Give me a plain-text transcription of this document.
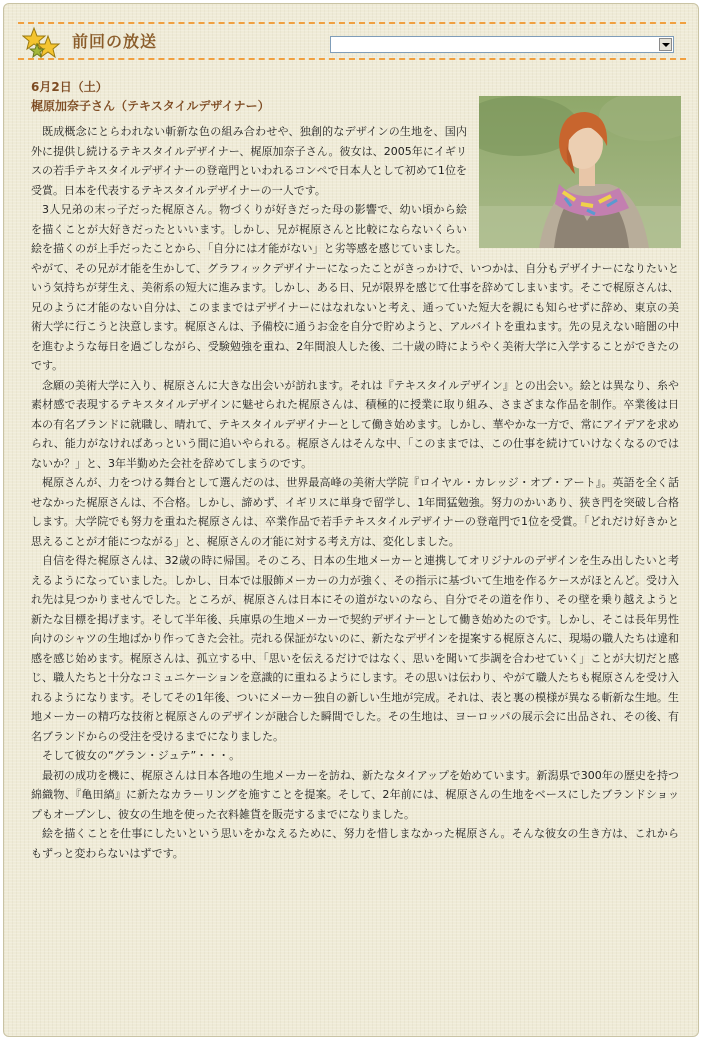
前回の放送
6月2日（土）
梶原加奈子さん（テキスタイルデザイナー）

既成概念にとらわれない斬新な色の組み合わせや、独創的なデザインの生地を、国内外に提供し続けるテキスタイルデザイナー、梶原加奈子さん。彼女は、2005年にイギリスの若手テキスタイルデザイナーの登竜門といわれるコンペで日本人として初めて1位を受賞。日本を代表するテキスタイルデザイナーの一人です。

3人兄弟の末っ子だった梶原さん。物づくりが好きだった母の影響で、幼い頃から絵を描くことが大好きだったといいます。しかし、兄が梶原さんと比較にならないくらい絵を描くのが上手だったことから、「自分には才能がない」と劣等感を感じていました。やがて、その兄が才能を生かして、グラフィックデザイナーになったことがきっかけで、いつかは、自分もデザイナーになりたいという気持ちが芽生え、美術系の短大に進みます。しかし、ある日、兄が限界を感じて仕事を辞めてしまいます。そこで梶原さんは、兄のように才能のない自分は、このままではデザイナーにはなれないと考え、通っていた短大を親にも知らせずに辞め、東京の美術大学に行こうと決意します。梶原さんは、予備校に通うお金を自分で貯めようと、アルバイトを重ねます。先の見えない暗闇の中を進むような毎日を過ごしながら、受験勉強を重ね、2年間浪人した後、二十歳の時にようやく美術大学に入学することができたのです。

念願の美術大学に入り、梶原さんに大きな出会いが訪れます。それは『テキスタイルデザイン』との出会い。絵とは異なり、糸や素材感で表現するテキスタイルデザインに魅せられた梶原さんは、積極的に授業に取り組み、さまざまな作品を制作。卒業後は日本の有名ブランドに就職し、晴れて、テキスタイルデザイナーとして働き始めます。しかし、華やかな一方で、常にアイデアを求められ、能力がなければあっという間に追いやられる。梶原さんはそんな中、「このままでは、この仕事を続けていけなくなるのではないか？」と、3年半勤めた会社を辞めてしまうのです。

梶原さんが、力をつける舞台として選んだのは、世界最高峰の美術大学院『ロイヤル・カレッジ・オブ・アート』。英語を全く話せなかった梶原さんは、不合格。しかし、諦めず、イギリスに単身で留学し、1年間猛勉強。努力のかいあり、狭き門を突破し合格します。大学院でも努力を重ねた梶原さんは、卒業作品で若手テキスタイルデザイナーの登竜門で1位を受賞。「どれだけ好きかと思えることが才能につながる」と、梶原さんの才能に対する考え方は、変化しました。

自信を得た梶原さんは、32歳の時に帰国。そのころ、日本の生地メーカーと連携してオリジナルのデザインを生み出したいと考えるようになっていました。しかし、日本では服飾メーカーの力が強く、その指示に基づいて生地を作るケースがほとんど。受け入れ先は見つかりませんでした。ところが、梶原さんは日本にその道がないのなら、自分でその道を作り、その壁を乗り越えようと新たな目標を掲げます。そして半年後、兵庫県の生地メーカーで契約デザイナーとして働き始めたのです。しかし、そこは長年男性向けのシャツの生地ばかり作ってきた会社。売れる保証がないのに、新たなデザインを提案する梶原さんに、現場の職人たちは違和感を感じ始めます。梶原さんは、孤立する中、「思いを伝えるだけではなく、思いを聞いて歩調を合わせていく」ことが大切だと感じ、職人たちと十分なコミュニケーションを意識的に重ねるようにします。その思いは伝わり、やがて職人たちも梶原さんを受け入れるようになります。そしてその1年後、ついにメーカー独自の新しい生地が完成。それは、表と裏の模様が異なる斬新な生地。生地メーカーの精巧な技術と梶原さんのデザインが融合した瞬間でした。その生地は、ヨーロッパの展示会に出品され、その後、有名ブランドからの受注を受けるまでになりました。

そして彼女の“グラン・ジュテ”・・・。

最初の成功を機に、梶原さんは日本各地の生地メーカーを訪ね、新たなタイアップを始めています。新潟県で300年の歴史を持つ綿織物、『亀田縞』に新たなカラーリングを施すことを提案。そして、2年前には、梶原さんの生地をベースにしたブランドショップもオープンし、彼女の生地を使った衣料雑貨を販売するまでになりました。

絵を描くことを仕事にしたいという思いをかなえるために、努力を惜しまなかった梶原さん。そんな彼女の生き方は、これからもずっと変わらないはずです。
